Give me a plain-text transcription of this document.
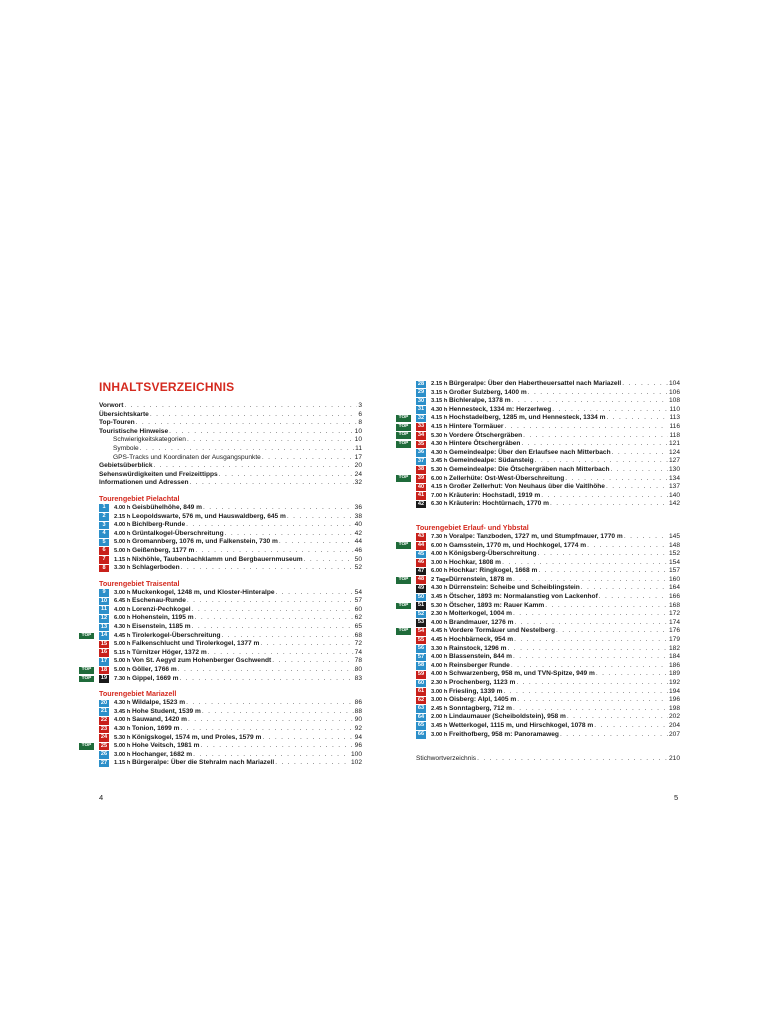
INHALTSVERZEICHNIS
Vorwort . . .	3
Übersichtskarte . . .	6
Top-Touren . . .	8
Touristische Hinweise . . .	10
Schwierigkeitskategorien . . .	10
Symbole . . .	11
GPS-Tracks und Koordinaten der Ausgangspunkte . . .	17
Gebietsüberblick . . .	20
Sehenswürdigkeiten und Freizeittipps . . .	24
Informationen und Adressen . . .	32
Tourengebiet Pielachtal
1	4.00 h Geisbühelhöhe, 849 m . . .	36
2	2.15 h Leopoldswarte, 576 m, und Hauswaldberg, 645 m . . .	38
3	4.00 h Bichlberg-Runde . . .	40
4	4.00 h Grüntalkogel-Überschreitung . . .	42
5	5.00 h Gromannberg, 1076 m, und Falkenstein, 730 m . . .	44
6	5.00 h Geißenberg, 1177 m . . .	46
7	1.15 h Nixhöhle, Taubenbachklamm und Bergbauernmuseum . . .	50
8	3.30 h Schlagerboden . . .	52
Tourengebiet Traisental
9	3.00 h Muckenkogel, 1248 m, und Kloster-Hinteralpe . . .	54
10	6.45 h Eschenau-Runde . . .	57
11	4.00 h Lorenzi-Pechkogel . . .	60
12	6.00 h Hohenstein, 1195 m . . .	62
13	4.30 h Eisenstein, 1185 m . . .	65
TOP	14	4.45 h Tirolerkogel-Überschreitung . . .	68
15	5.00 h Falkenschlucht und Tirolerkogel, 1377 m . . .	72
16	5.15 h Türnitzer Höger, 1372 m . . .	74
17	5.00 h Von St. Aegyd zum Hohenberger Gschwendt . . .	78
TOP	18	5.00 h Göller, 1766 m . . .	80
TOP	19	7.30 h Gippel, 1669 m . . .	83
Tourengebiet Mariazell
20	4.30 h Wildalpe, 1523 m . . .	86
21	3.45 h Hohe Student, 1539 m . . .	88
22	4.00 h Sauwand, 1420 m . . .	90
23	4.30 h Tonion, 1699 m . . .	92
24	5.30 h Königskogel, 1574 m, und Proles, 1579 m . . .	94
TOP	25	5.00 h Hohe Veitsch, 1981 m . . .	96
26	3.00 h Hochanger, 1682 m . . .	100
27	1.15 h Bürgeralpe: Über die Stehralm nach Mariazell . . .	102
28	2.15 h Bürgeralpe: Über den Habertheuersattel nach Mariazell . . .	104
29	3.15 h Großer Sulzberg, 1400 m . . .	106
30	3.15 h Bichleralpe, 1378 m . . .	108
31	4.30 h Hennesteck, 1334 m: Herzerlweg . . .	110
TOP	32	4.15 h Hochstadelberg, 1285 m, und Hennesteck, 1334 m . . .	113
TOP	33	4.15 h Hintere Tormäuer . . .	116
TOP	34	5.30 h Vordere Ötschergräben . . .	118
TOP	35	4.30 h Hintere Ötschergräben . . .	121
36	4.30 h Gemeindealpe: Über den Erlaufsee nach Mitterbach . . .	124
37	3.45 h Gemeindealpe: Südansteig . . .	127
38	5.30 h Gemeindealpe: Die Ötschergräben nach Mitterbach . . .	130
TOP	39	6.00 h Zellerhüte: Ost-West-Überschreitung . . .	134
40	4.15 h Großer Zellerhut: Von Neuhaus über die Vaitlhöhe . . .	137
41	7.00 h Kräuterin: Hochstadl, 1919 m . . .	140
42	6.30 h Kräuterin: Hochtürnach, 1770 m . . .	142
Tourengebiet Erlauf- und Ybbstal
43	7.30 h Voralpe: Tanzboden, 1727 m, und Stumpfmauer, 1770 m . . .	145
TOP	44	6.00 h Gamsstein, 1770 m, und Hochkogel, 1774 m . . .	148
45	4.00 h Königsberg-Überschreitung . . .	152
46	3.00 h Hochkar, 1808 m . . .	154
47	6.00 h Hochkar: Ringkogel, 1668 m . . .	157
TOP	48	2 Tage Dürrenstein, 1878 m . . .	160
49	4.30 h Dürrenstein: Scheibe und Scheiblingstein . . .	164
50	3.45 h Ötscher, 1893 m: Normalanstieg von Lackenhof . . .	166
TOP	51	5.30 h Ötscher, 1893 m: Rauer Kamm . . .	168
52	2.30 h Molterkogel, 1004 m . . .	172
53	4.00 h Brandmauer, 1276 m . . .	174
TOP	54	4.45 h Vordere Tormäuer und Nestelberg . . .	176
55	4.45 h Hochbärneck, 954 m . . .	179
56	3.30 h Rainstock, 1296 m . . .	182
57	4.00 h Blassenstein, 844 m . . .	184
58	4.00 h Reinsberger Runde . . .	186
59	4.00 h Schwarzenberg, 958 m, und TVN-Spitze, 949 m . . .	189
60	2.30 h Prochenberg, 1123 m . . .	192
61	3.00 h Friesling, 1339 m . . .	194
62	3.00 h Oisberg: Alpl, 1405 m . . .	196
63	2.45 h Sonntagberg, 712 m . . .	198
64	2.00 h Lindaumauer (Scheiboldstein), 958 m . . .	202
65	3.45 h Wetterkogel, 1115 m, und Hirschkogel, 1078 m . . .	204
66	3.00 h Freithofberg, 958 m: Panoramaweg . . .	207
Stichwortverzeichnis . . .	210
4	5
